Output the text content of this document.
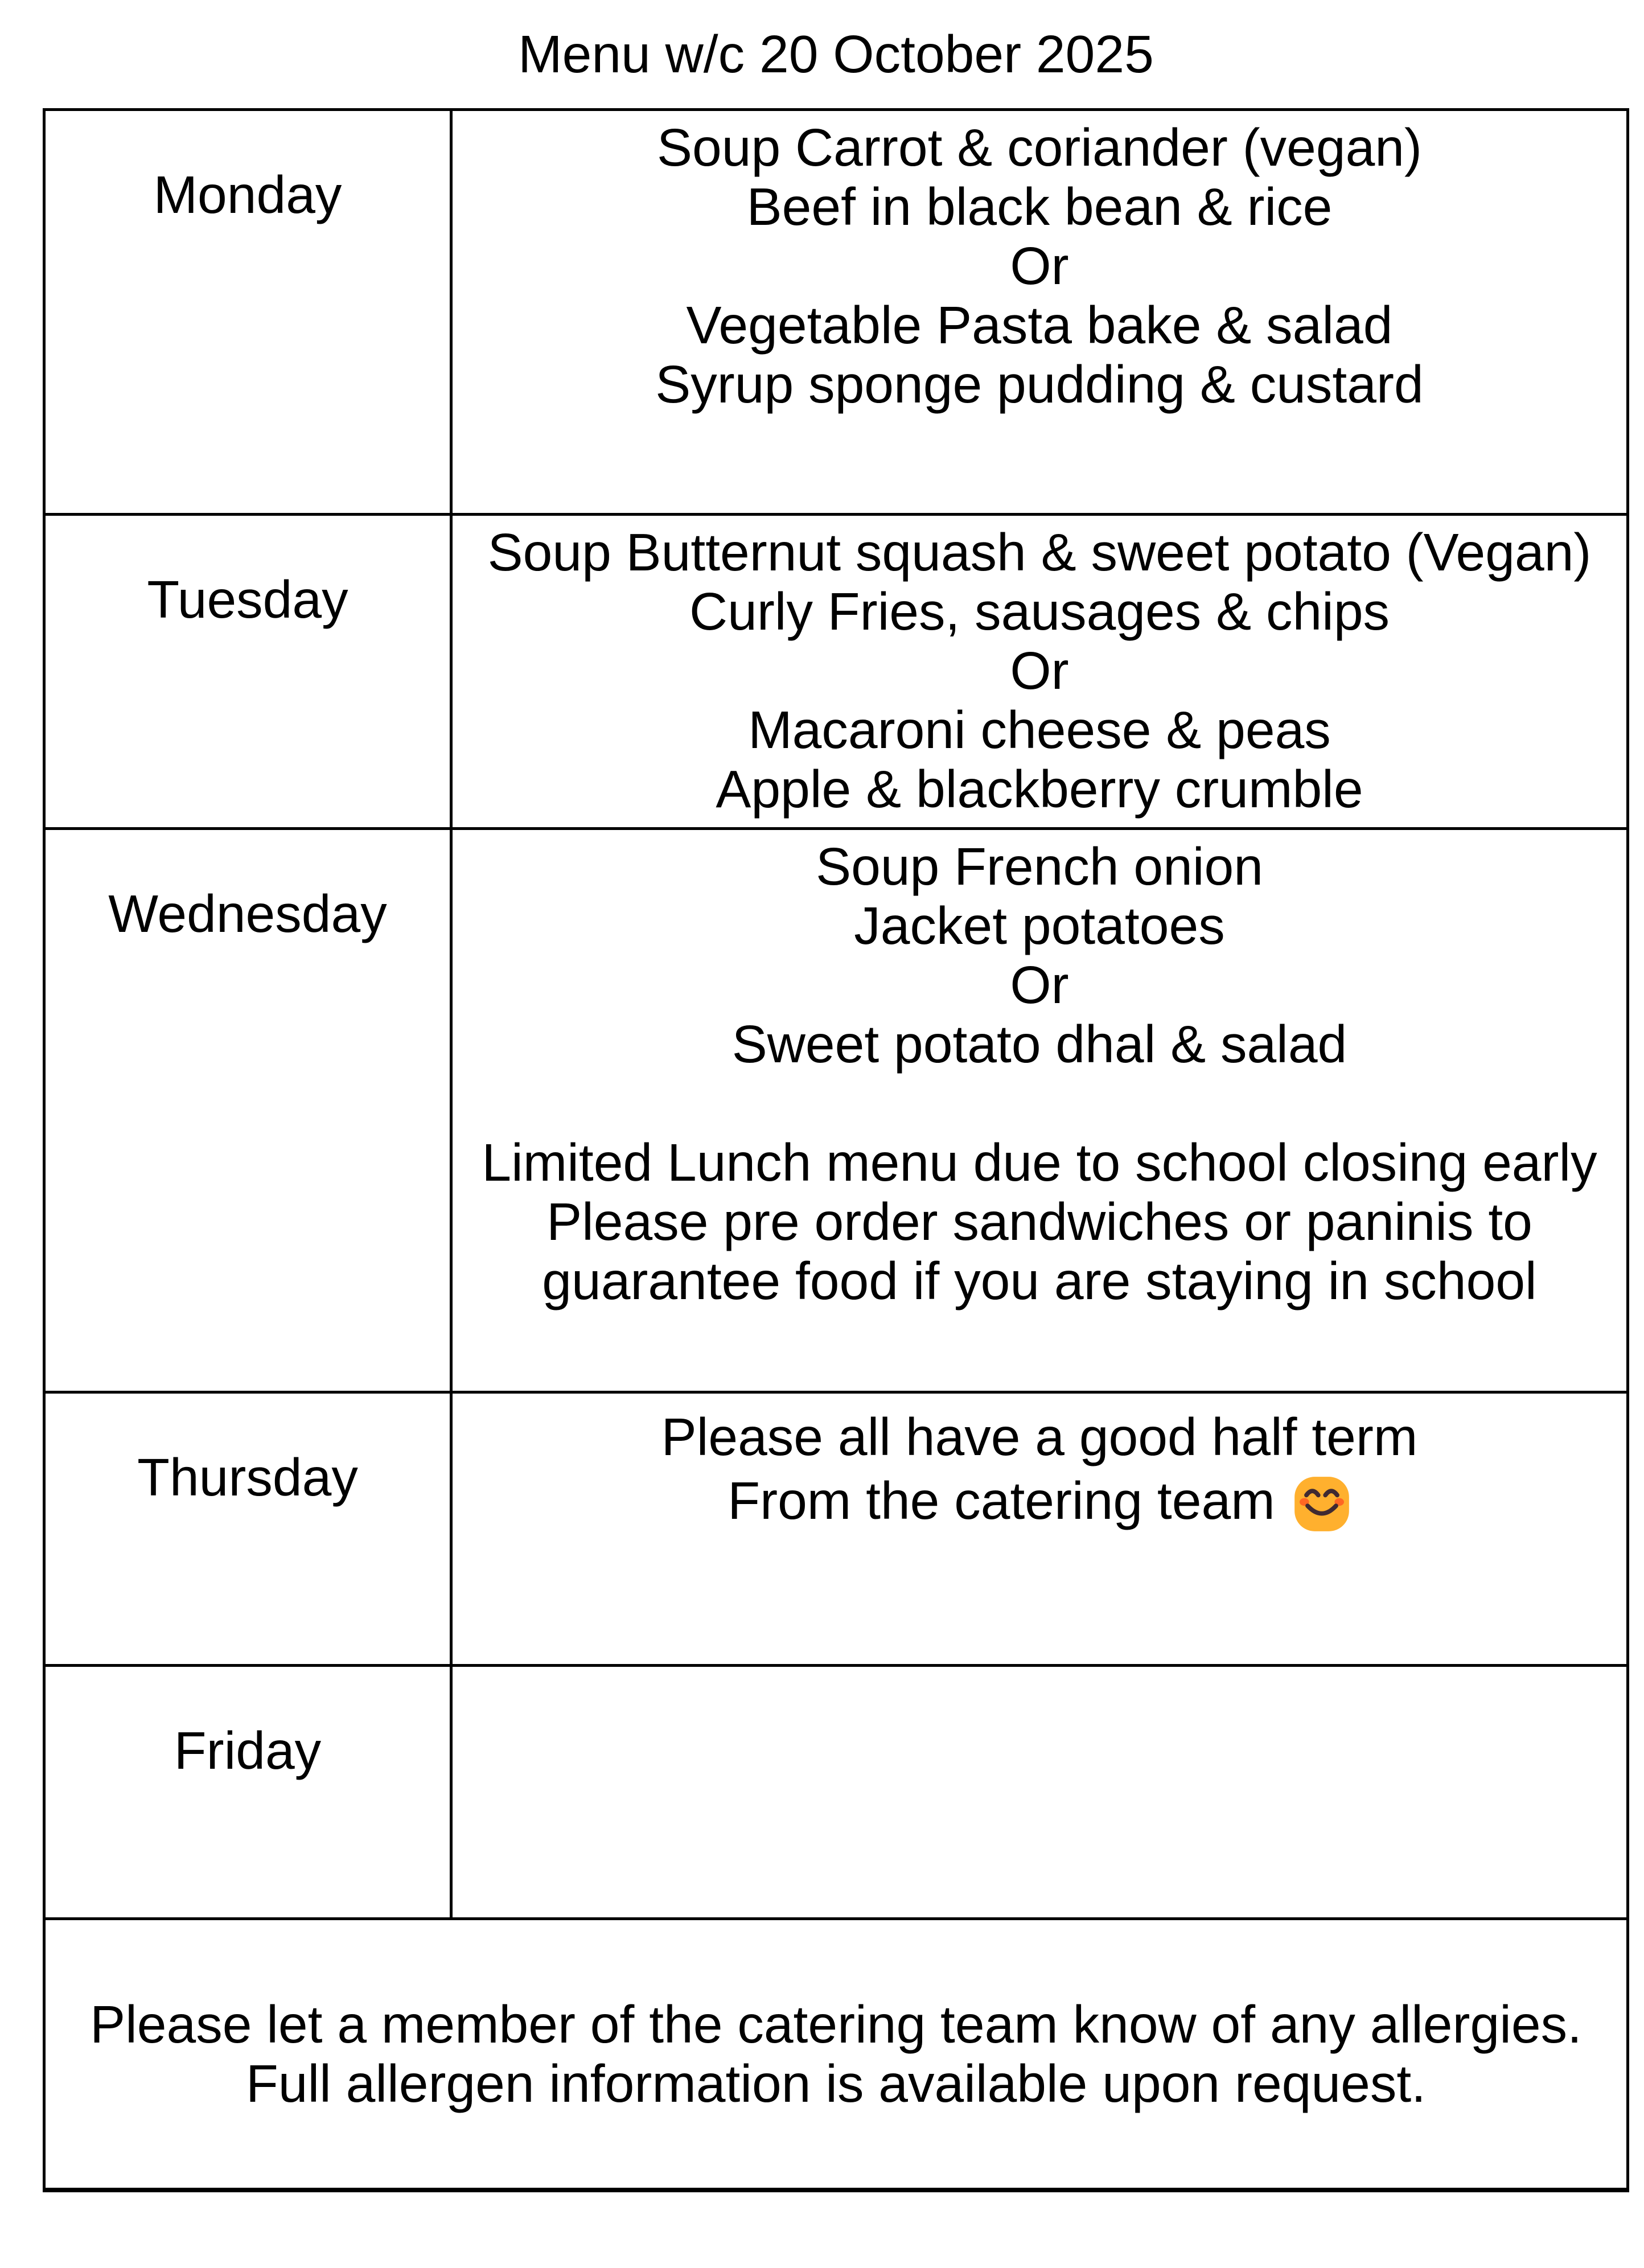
Menu w/c 20 October 2025
Monday
Soup Carrot & coriander (vegan)
Beef in black bean & rice
Or
Vegetable Pasta bake & salad
Syrup sponge pudding & custard
Tuesday
Soup Butternut squash & sweet potato (Vegan)
Curly Fries, sausages & chips
Or
Macaroni cheese & peas
Apple & blackberry crumble
Wednesday
Soup French onion
Jacket potatoes
Or
Sweet potato dhal & salad
Limited Lunch menu due to school closing early
Please pre order sandwiches or paninis to
guarantee food if you are staying in school
Thursday
Please all have a good half term
From the catering team
Friday
Please let a member of the catering team know of any allergies.
Full allergen information is available upon request.
